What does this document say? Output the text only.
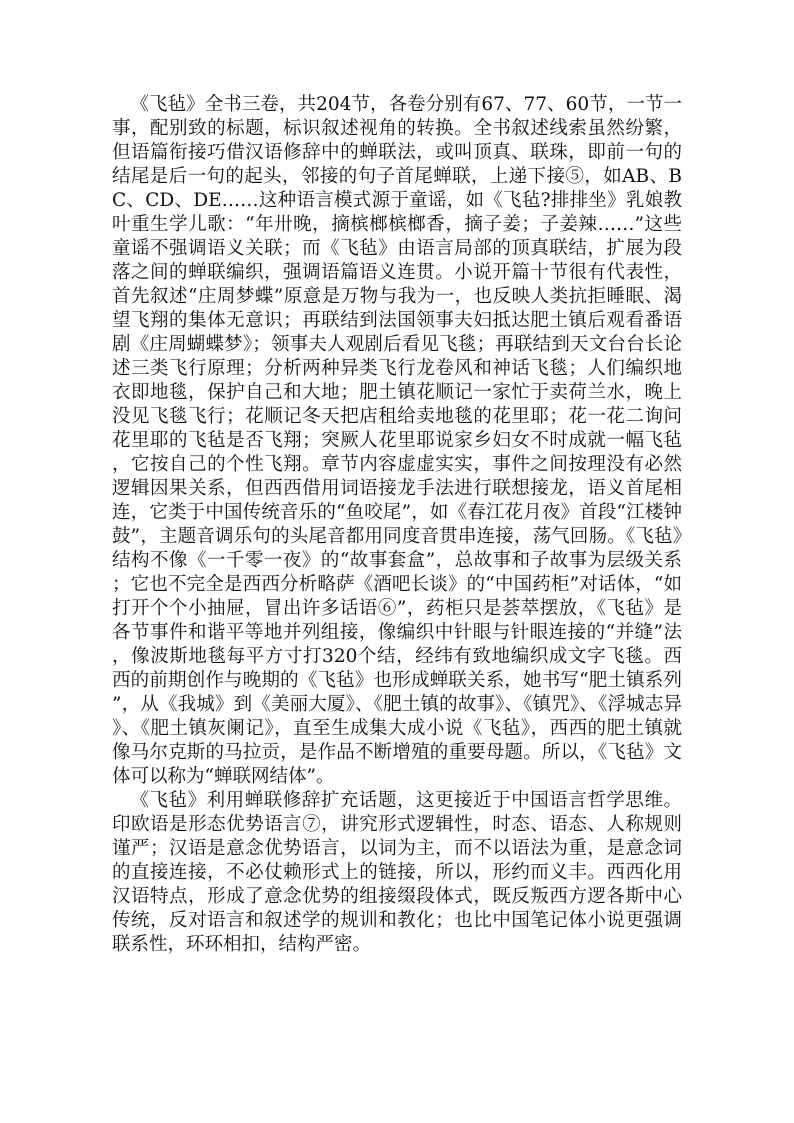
《飞毡》全书三卷，共204节，各卷分别有67、77、60节，一节一事，配别致的标题，标识叙述视角的转换。全书叙述线索虽然纷繁，但语篇衔接巧借汉语修辞中的蝉联法，或叫顶真、联珠，即前一句的结尾是后一句的起头，邻接的句子首尾蝉联，上递下接⑤，如AB、BC、CD、DE……这种语言模式源于童谣，如《飞毡?排排坐》乳娘教叶重生学儿歌：“年卅晚，摘槟榔槟榔香，摘子姜；子姜辣……”这些童谣不强调语义关联；而《飞毡》由语言局部的顶真联结，扩展为段落之间的蝉联编织，强调语篇语义连贯。小说开篇十节很有代表性，首先叙述“庄周梦蝶”原意是万物与我为一，也反映人类抗拒睡眠、渴望飞翔的集体无意识；再联结到法国领事夫妇抵达肥土镇后观看番语剧《庄周蝴蝶梦》；领事夫人观剧后看见飞毯；再联结到天文台台长论述三类飞行原理；分析两种异类飞行龙卷风和神话飞毯；人们编织地衣即地毯，保护自己和大地；肥土镇花顺记一家忙于卖荷兰水，晚上没见飞毯飞行；花顺记冬天把店租给卖地毯的花里耶；花一花二询问花里耶的飞毡是否飞翔；突厥人花里耶说家乡妇女不时成就一幅飞毡，它按自己的个性飞翔。章节内容虚虚实实，事件之间按理没有必然逻辑因果关系，但西西借用词语接龙手法进行联想接龙，语义首尾相连，它类于中国传统音乐的“鱼咬尾”，如《春江花月夜》首段“江楼钟鼓”，主题音调乐句的头尾音都用同度音贯串连接，荡气回肠。《飞毡》结构不像《一千零一夜》的“故事套盒”，总故事和子故事为层级关系；它也不完全是西西分析略萨《酒吧长谈》的“中国药柜”对话体，“如打开个个小抽屉，冒出许多话语⑥”，药柜只是荟萃摆放，《飞毡》是各节事件和谐平等地并列组接，像编织中针眼与针眼连接的“并缝”法，像波斯地毯每平方寸打320个结，经纬有致地编织成文字飞毯。西西的前期创作与晚期的《飞毡》也形成蝉联关系，她书写“肥土镇系列”，从《我城》到《美丽大厦》、《肥土镇的故事》、《镇咒》、《浮城志异》、《肥土镇灰阑记》，直至生成集大成小说《飞毡》，西西的肥土镇就像马尔克斯的马拉贡，是作品不断增殖的重要母题。所以，《飞毡》文体可以称为“蝉联网结体”。

《飞毡》利用蝉联修辞扩充话题，这更接近于中国语言哲学思维。印欧语是形态优势语言⑦，讲究形式逻辑性，时态、语态、人称规则谨严；汉语是意念优势语言，以词为主，而不以语法为重，是意念词的直接连接，不必仗赖形式上的链接，所以，形约而义丰。西西化用汉语特点，形成了意念优势的组接缀段体式，既反叛西方逻各斯中心传统，反对语言和叙述学的规训和教化；也比中国笔记体小说更强调联系性，环环相扣，结构严密。
